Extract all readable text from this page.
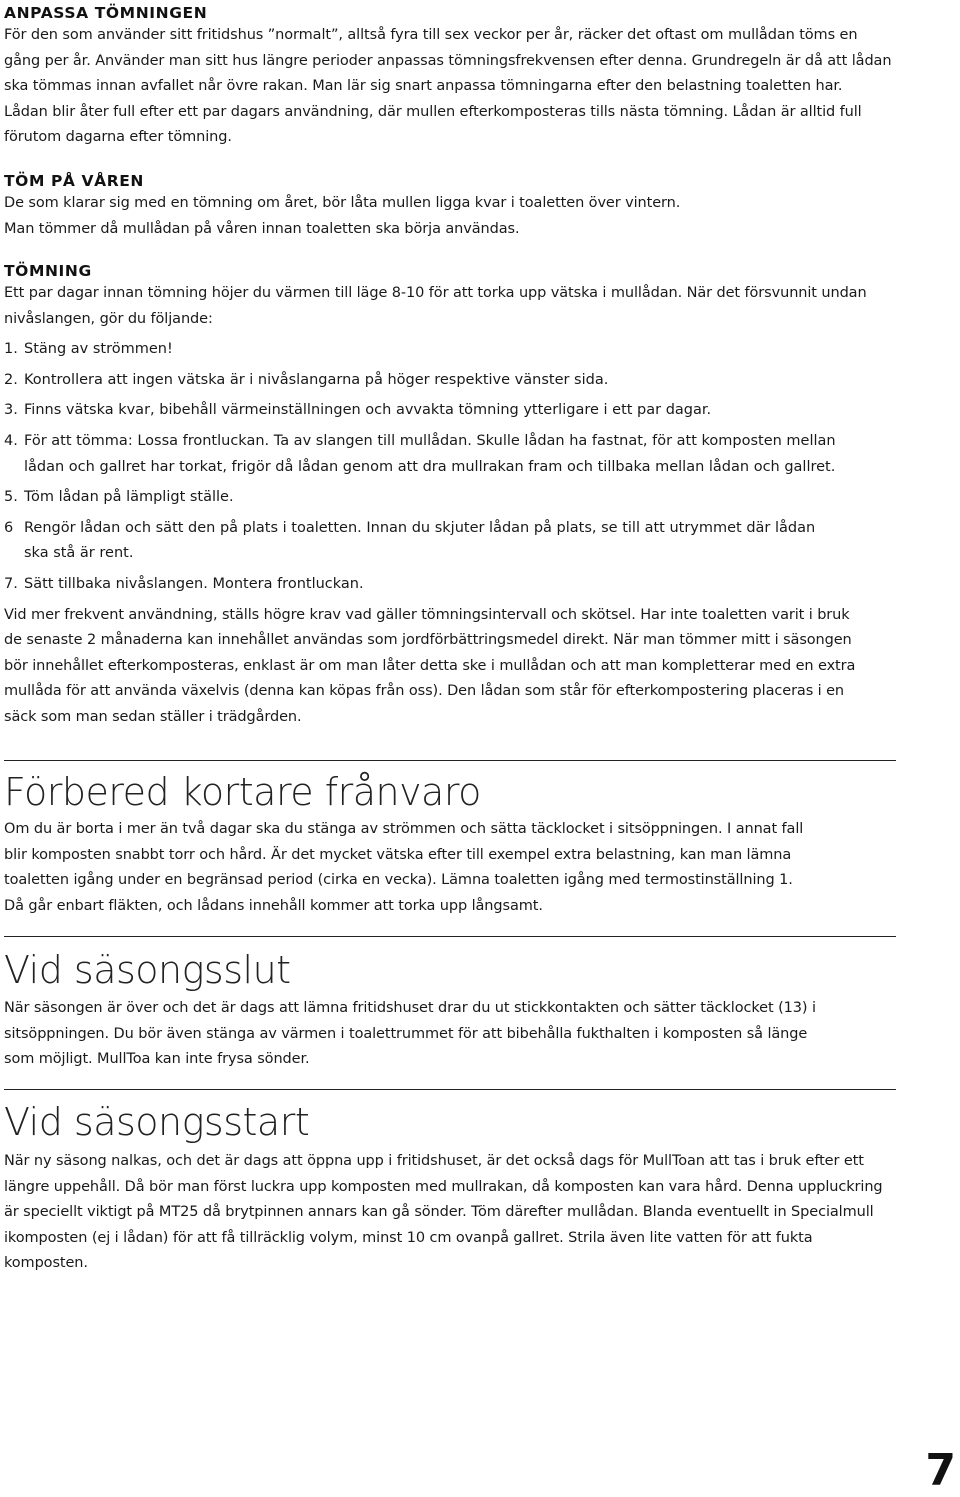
ANPASSA TÖMNINGEN

För den som använder sitt fritidshus ”normalt”, alltså fyra till sex veckor per år, räcker det oftast om mullådan töms en

gång per år. Använder man sitt hus längre perioder anpassas tömningsfrekvensen efter denna. Grundregeln är då att lådan

ska tömmas innan avfallet når övre rakan. Man lär sig snart anpassa tömningarna efter den belastning toaletten har.

Lådan blir åter full efter ett par dagars användning, där mullen efterkomposteras tills nästa tömning. Lådan är alltid full

förutom dagarna efter tömning.

TÖM PÅ VÅREN

De som klarar sig med en tömning om året, bör låta mullen ligga kvar i toaletten över vintern.

Man tömmer då mullådan på våren innan toaletten ska börja användas.

TÖMNING

Ett par dagar innan tömning höjer du värmen till läge 8-10 för att torka upp vätska i mullådan. När det försvunnit undan

nivåslangen, gör du följande:

1. Stäng av strömmen!
2. Kontrollera att ingen vätska är i nivåslangarna på höger respektive vänster sida.
3. Finns vätska kvar, bibehåll värmeinställningen och avvakta tömning ytterligare i ett par dagar.
4. För att tömma: Lossa frontluckan. Ta av slangen till mullådan. Skulle lådan ha fastnat, för att komposten mellan
lådan och gallret har torkat, frigör då lådan genom att dra mullrakan fram och tillbaka mellan lådan och gallret.
5. Töm lådan på lämpligt ställe.
6 Rengör lådan och sätt den på plats i toaletten. Innan du skjuter lådan på plats, se till att utrymmet där lådan
ska stå är rent.
7. Sätt tillbaka nivåslangen. Montera frontluckan.

Vid mer frekvent användning, ställs högre krav vad gäller tömningsintervall och skötsel. Har inte toaletten varit i bruk

de senaste 2 månaderna kan innehållet användas som jordförbättringsmedel direkt. När man tömmer mitt i säsongen

bör innehållet efterkomposteras, enklast är om man låter detta ske i mullådan och att man kompletterar med en extra

mullåda för att använda växelvis (denna kan köpas från oss). Den lådan som står för efterkompostering placeras i en

säck som man sedan ställer i trädgården.

Förbered kortare frånvaro

Om du är borta i mer än två dagar ska du stänga av strömmen och sätta täcklocket i sitsöppningen. I annat fall

blir komposten snabbt torr och hård. Är det mycket vätska efter till exempel extra belastning, kan man lämna

toaletten igång under en begränsad period (cirka en vecka). Lämna toaletten igång med termostinställning 1.

Då går enbart fläkten, och lådans innehåll kommer att torka upp långsamt.

Vid säsongsslut

När säsongen är över och det är dags att lämna fritidshuset drar du ut stickkontakten och sätter täcklocket (13) i

sitsöppningen. Du bör även stänga av värmen i toalettrummet för att bibehålla fukthalten i komposten så länge

som möjligt. MullToa kan inte frysa sönder.

Vid säsongsstart

När ny säsong nalkas, och det är dags att öppna upp i fritidshuset, är det också dags för MullToan att tas i bruk efter ett

längre uppehåll. Då bör man först luckra upp komposten med mullrakan, då komposten kan vara hård. Denna uppluckring

är speciellt viktigt på MT25 då brytpinnen annars kan gå sönder. Töm därefter mullådan. Blanda eventuellt in Specialmull

ikomposten (ej i lådan) för att få tillräcklig volym, minst 10 cm ovanpå gallret. Strila även lite vatten för att fukta komposten.

7
